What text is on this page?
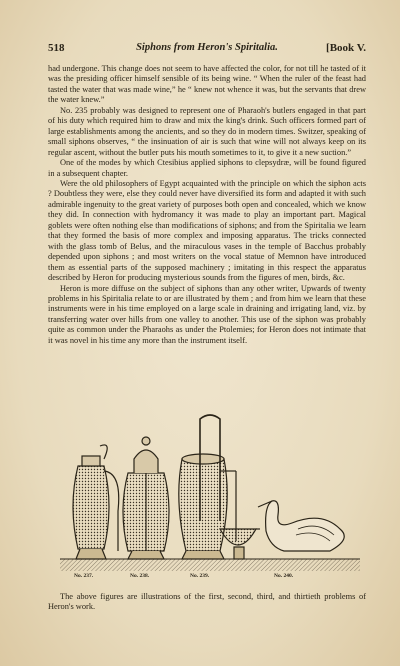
518	Siphons from Heron's Spiritalia.	[Book V.

had undergone. This change does not seem to have affected the color, for not till he tasted of it was the presiding officer himself sensible of its being wine. “ When the ruler of the feast had tasted the water that was made wine,” he “ knew not whence it was, but the servants that drew the water knew.”

No. 235 probably was designed to represent one of Pharaoh's butlers engaged in that part of his duty which required him to draw and mix the king's drink. Such officers formed part of large establishments among the ancients, and so they do in modern times. Switzer, speaking of small siphons observes, “ the insinuation of air is such that wine will not always keep on its regular ascent, without the butler puts his mouth sometimes to it, to give it a new suction.”

One of the modes by which Ctesibius applied siphons to clepsydræ, will be found figured in a subsequent chapter.

Were the old philosophers of Egypt acquainted with the principle on which the siphon acts ? Doubtless they were, else they could never have diversified its form and adapted it with such admirable ingenuity to the great variety of purposes both open and concealed, which we know they did. In connection with hydromancy it was made to play an important part. Magical goblets were often nothing else than modifications of siphons; and from the Spiritalia we learn that they formed the basis of more complex and imposing apparatus. The tricks connected with the glass tomb of Belus, and the miraculous vases in the temple of Bacchus probably depended upon siphons ; and most writers on the vocal statue of Memnon have introduced them as essential parts of the supposed machinery ; imitating in this respect the apparatus described by Heron for producing mysterious sounds from the figures of men, birds, &c.

Heron is more diffuse on the subject of siphons than any other writer, Upwards of twenty problems in his Spiritalia relate to or are illustrated by them ; and from him we learn that these instruments were in his time employed on a large scale in draining and irrigating land, viz. by transferring water over hills from one valley to another. This use of the siphon was probably quite as common under the Pharaohs as under the Ptolemies; for Heron does not intimate that it was novel in his time any more than the instrument itself.

No. 237.	No. 238.	No. 239.	No. 240.

The above figures are illustrations of the first, second, third, and thirtieth problems of Heron's work.
